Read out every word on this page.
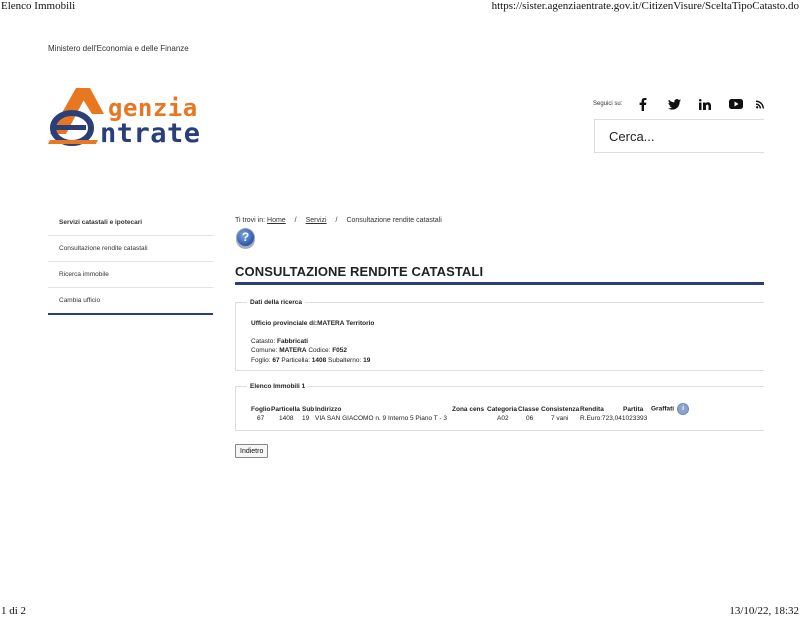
Elenco Immobili	https://sister.agenziaentrate.gov.it/CitizenVisure/SceltaTipoCatasto.do
Ministero dell'Economia e delle Finanze
genzia
ntrate
Seguici su:
Cerca...
Servizi catastali e ipotecari
Consultazione rendite catastali
Ricerca immobile
Cambia ufficio
Ti trovi in: Home / Servizi / Consultazione rendite catastali
?
CONSULTAZIONE RENDITE CATASTALI
Dati della ricerca
Ufficio provinciale di:MATERA Territorio
Catasto: Fabbricati
Comune: MATERA Codice: F052
Foglio: 67 Particella: 1408 Subalterno: 19
Elenco Immobili 1
Foglio	Particella	Sub	Indirizzo	Zona cens	Categoria	Classe	Consistenza	Rendita	Partita	Graffati i
67	1408	19	VIA SAN GIACOMO n. 9 Interno 5 Piano T - 3		A02	06	7 vani	R.Euro:723,041023393		
Indietro
1 di 2	13/10/22, 18:32
